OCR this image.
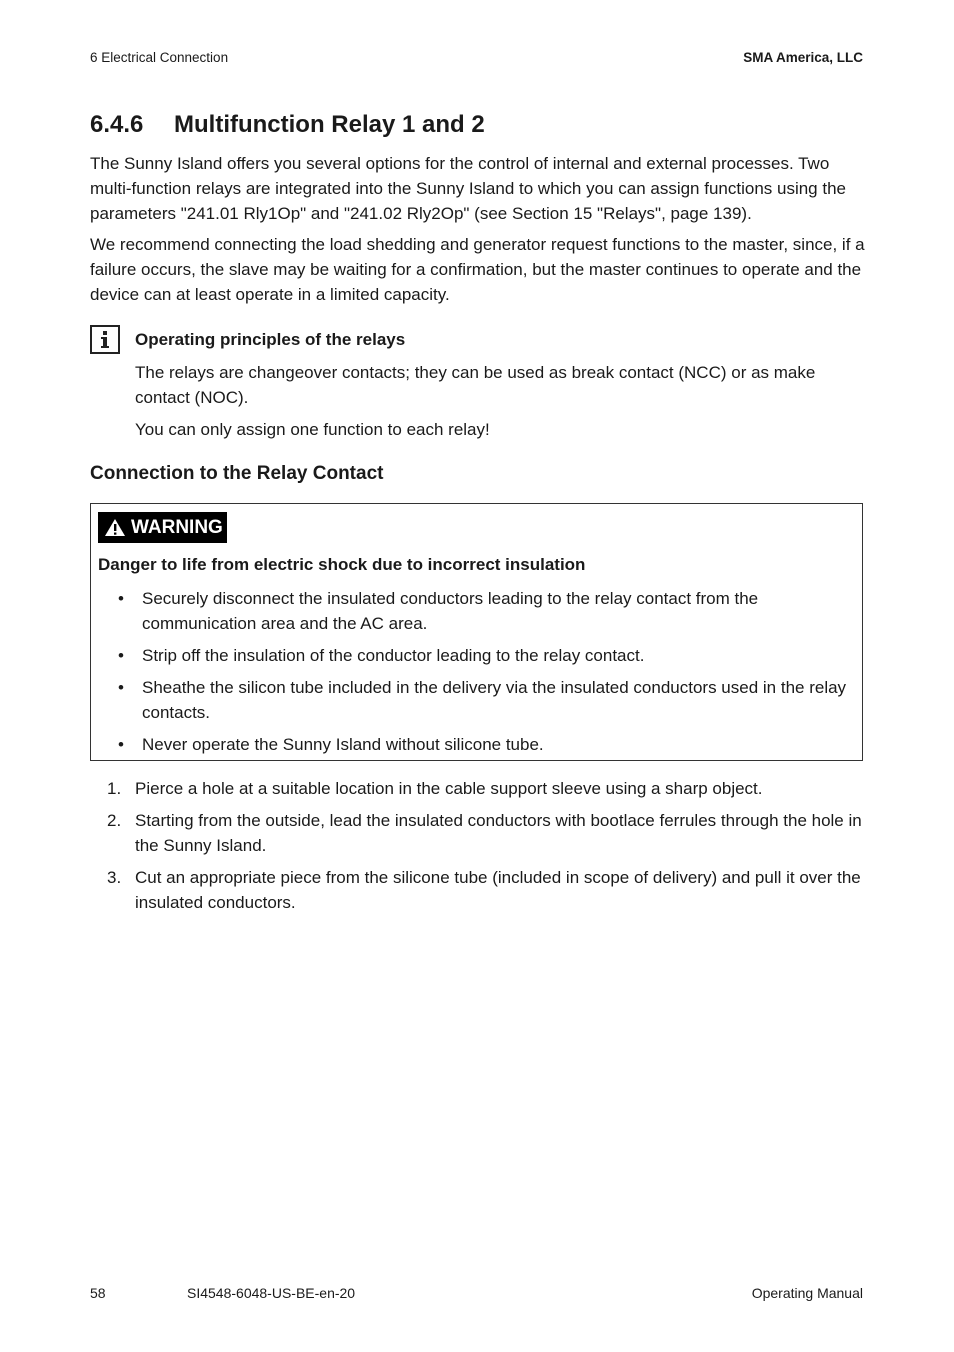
6 Electrical Connection	SMA America, LLC
6.4.6 Multifunction Relay 1 and 2

The Sunny Island offers you several options for the control of internal and external processes. Two multi-function relays are integrated into the Sunny Island to which you can assign functions using the parameters "241.01 Rly1Op" and "241.02 Rly2Op" (see Section 15 "Relays", page 139).

We recommend connecting the load shedding and generator request functions to the master, since, if a failure occurs, the slave may be waiting for a confirmation, but the master continues to operate and the device can at least operate in a limited capacity.

Operating principles of the relays

The relays are changeover contacts; they can be used as break contact (NCC) or as make contact (NOC).

You can only assign one function to each relay!

Connection to the Relay Contact
WARNING

Danger to life from electric shock due to incorrect insulation

• Securely disconnect the insulated conductors leading to the relay contact from the communication area and the AC area.
• Strip off the insulation of the conductor leading to the relay contact.
• Sheathe the silicon tube included in the delivery via the insulated conductors used in the relay contacts.
• Never operate the Sunny Island without silicone tube.
1. Pierce a hole at a suitable location in the cable support sleeve using a sharp object.
2. Starting from the outside, lead the insulated conductors with bootlace ferrules through the hole in the Sunny Island.
3. Cut an appropriate piece from the silicone tube (included in scope of delivery) and pull it over the insulated conductors.
58	SI4548-6048-US-BE-en-20	Operating Manual
